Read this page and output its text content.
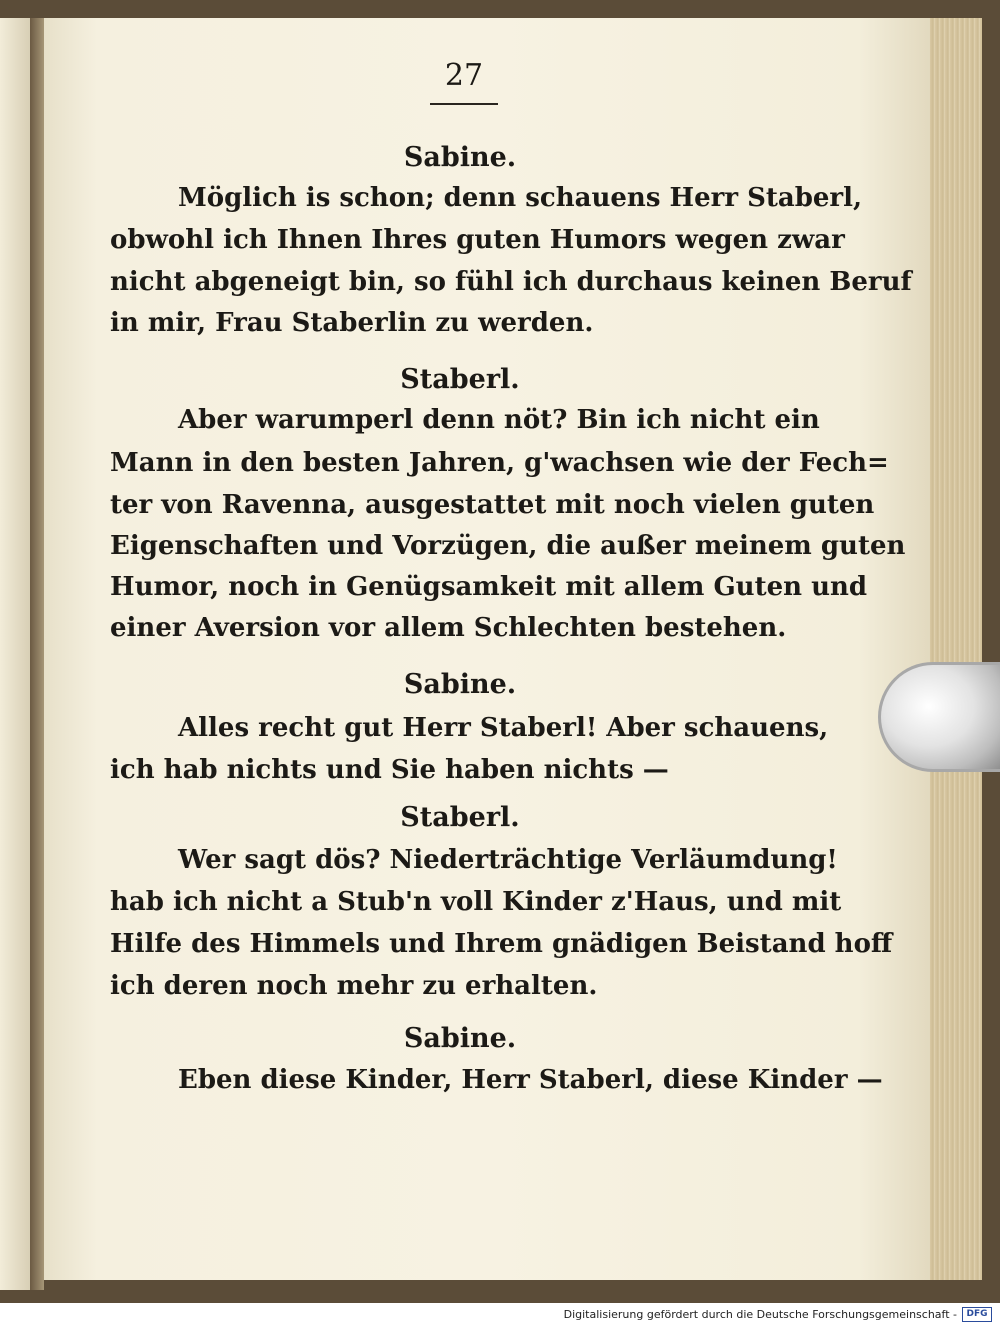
27
Sabine.
Möglich is schon; denn schauens Herr Staberl,
obwohl ich Ihnen Ihres guten Humors wegen zwar
nicht abgeneigt bin, so fühl ich durchaus keinen Beruf
in mir, Frau Staberlin zu werden.
Staberl.
Aber warumperl denn nöt? Bin ich nicht ein
Mann in den besten Jahren, g'wachsen wie der Fech=
ter von Ravenna, ausgestattet mit noch vielen guten
Eigenschaften und Vorzügen, die außer meinem guten
Humor, noch in Genügsamkeit mit allem Guten und
einer Aversion vor allem Schlechten bestehen.
Sabine.
Alles recht gut Herr Staberl! Aber schauens,
ich hab nichts und Sie haben nichts —
Staberl.
Wer sagt dös? Niederträchtige Verläumdung!
hab ich nicht a Stub'n voll Kinder z'Haus, und mit
Hilfe des Himmels und Ihrem gnädigen Beistand hoff
ich deren noch mehr zu erhalten.
Sabine.
Eben diese Kinder, Herr Staberl, diese Kinder —
Digitalisierung gefördert durch die Deutsche Forschungsgemeinschaft -	DFG
